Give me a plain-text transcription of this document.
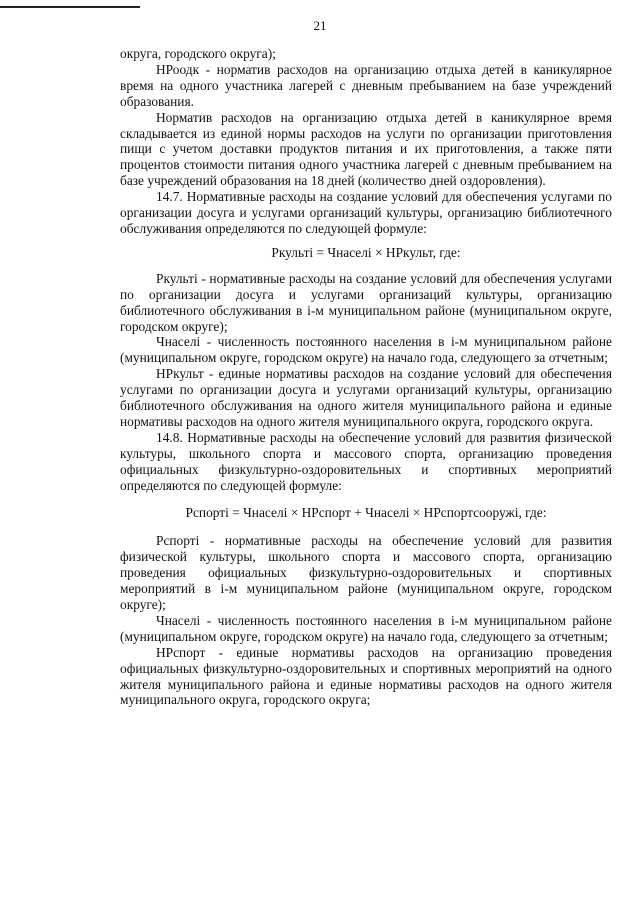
21

округа, городского округа);

НРоодк - норматив расходов на организацию отдыха детей в каникулярное время на одного участника лагерей с дневным пребыванием на базе учреждений образования.

Норматив расходов на организацию отдыха детей в каникулярное время складывается из единой нормы расходов на услуги по организации приготовления пищи с учетом доставки продуктов питания и их приготовления, а также пяти процентов стоимости питания одного участника лагерей с дневным пребыванием на базе учреждений образования на 18 дней (количество дней оздоровления).

14.7. Нормативные расходы на создание условий для обеспечения услугами по организации досуга и услугами организаций культуры, организацию библиотечного обслуживания определяются по следующей формуле:

Ркультi = Чнаселi × НРкульт, где:

Ркультi - нормативные расходы на создание условий для обеспечения услугами по организации досуга и услугами организаций культуры, организацию библиотечного обслуживания в i-м муниципальном районе (муниципальном округе, городском округе);

Чнаселi - численность постоянного населения в i-м муниципальном районе (муниципальном округе, городском округе) на начало года, следующего за отчетным;

НРкульт - единые нормативы расходов на создание условий для обеспечения услугами по организации досуга и услугами организаций культуры, организацию библиотечного обслуживания на одного жителя муниципального района и единые нормативы расходов на одного жителя муниципального округа, городского округа.

14.8. Нормативные расходы на обеспечение условий для развития физической культуры, школьного спорта и массового спорта, организацию проведения официальных физкультурно-оздоровительных и спортивных мероприятий определяются по следующей формуле:

Рспортi = Чнаселi × НРспорт + Чнаселi × НРспортсооружi, где:

Рспортi - нормативные расходы на обеспечение условий для развития физической культуры, школьного спорта и массового спорта, организацию проведения официальных физкультурно-оздоровительных и спортивных мероприятий в i-м муниципальном районе (муниципальном округе, городском округе);

Чнаселi - численность постоянного населения в i-м муниципальном районе (муниципальном округе, городском округе) на начало года, следующего за отчетным;

НРспорт - единые нормативы расходов на организацию проведения официальных физкультурно-оздоровительных и спортивных мероприятий на одного жителя муниципального района и единые нормативы расходов на одного жителя муниципального округа, городского округа;
